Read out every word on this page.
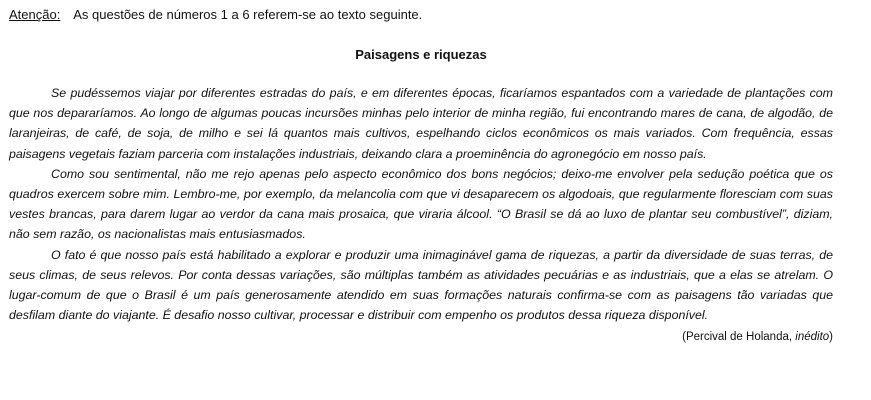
Atenção: As questões de números 1 a 6 referem-se ao texto seguinte.

Paisagens e riquezas

Se pudéssemos viajar por diferentes estradas do país, e em diferentes épocas, ficaríamos espantados com a variedade de plantações com que nos depararíamos. Ao longo de algumas poucas incursões minhas pelo interior de minha região, fui encontrando mares de cana, de algodão, de laranjeiras, de café, de soja, de milho e sei lá quantos mais cultivos, espelhando ciclos econômicos os mais variados. Com frequência, essas paisagens vegetais faziam parceria com instalações industriais, deixando clara a proeminência do agronegócio em nosso país.

Como sou sentimental, não me rejo apenas pelo aspecto econômico dos bons negócios; deixo-me envolver pela sedução poética que os quadros exercem sobre mim. Lembro-me, por exemplo, da melancolia com que vi desaparecem os algodoais, que regularmente floresciam com suas vestes brancas, para darem lugar ao verdor da cana mais prosaica, que viraria álcool. “O Brasil se dá ao luxo de plantar seu combustível”, diziam, não sem razão, os nacionalistas mais entusiasmados.

O fato é que nosso país está habilitado a explorar e produzir uma inimaginável gama de riquezas, a partir da diversidade de suas terras, de seus climas, de seus relevos. Por conta dessas variações, são múltiplas também as atividades pecuárias e as industriais, que a elas se atrelam. O lugar-comum de que o Brasil é um país generosamente atendido em suas formações naturais confirma-se com as paisagens tão variadas que desfilam diante do viajante. É desafio nosso cultivar, processar e distribuir com empenho os produtos dessa riqueza disponível.

(Percival de Holanda, inédito)
